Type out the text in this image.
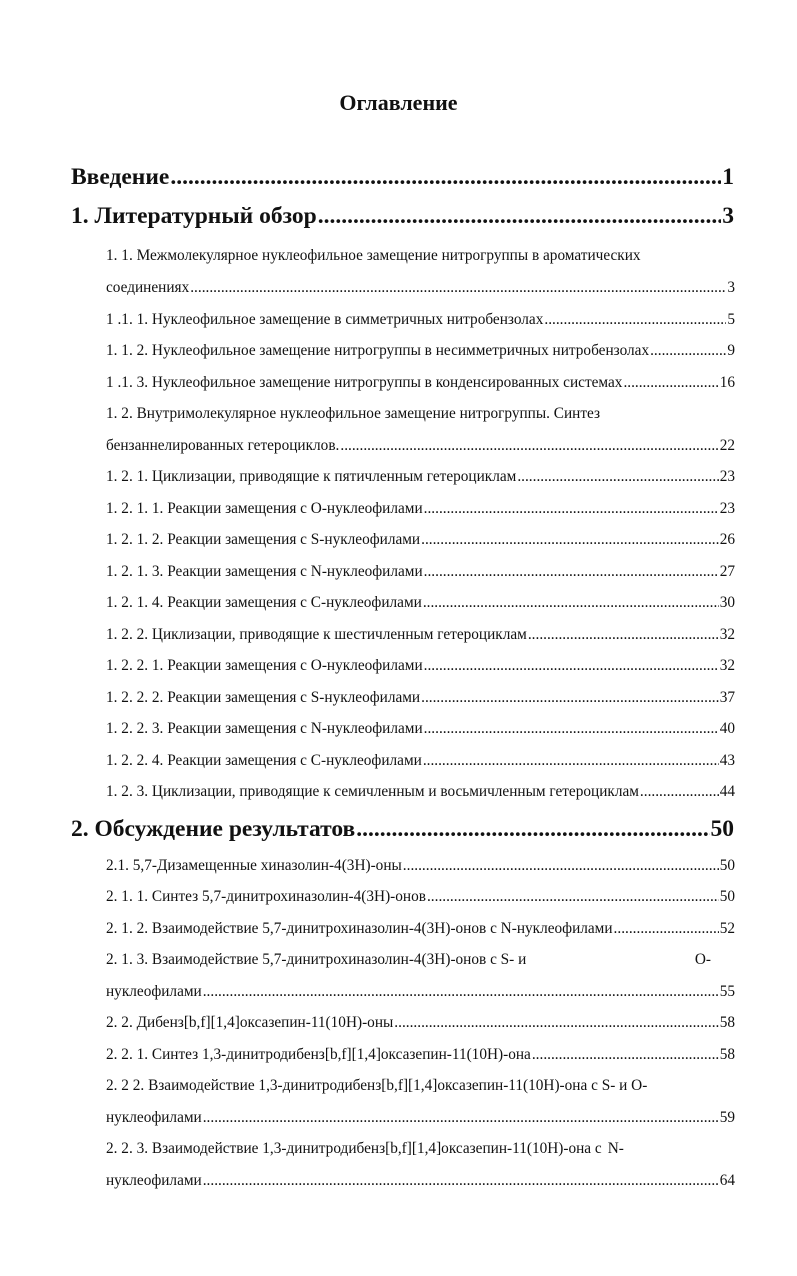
Оглавление
Введение .....	1
1. Литературный обзор .....	3
1. 1. Межмолекулярное нуклеофильное замещение нитрогруппы в ароматических
соединениях .....	3
1 .1. 1. Нуклеофильное замещение в симметричных нитробензолах .....	5
1. 1. 2. Нуклеофильное замещение нитрогруппы в несимметричных нитробензолах .....	9
1 .1. 3. Нуклеофильное замещение нитрогруппы в конденсированных системах .....	16
1. 2. Внутримолекулярное нуклеофильное замещение нитрогруппы. Синтез
бензаннелированных гетероциклов. .....	22
1. 2. 1. Циклизации, приводящие к пятичленным гетероциклам .....	23
1. 2. 1. 1. Реакции замещения с О-нуклеофилами .....	23
1. 2. 1. 2. Реакции замещения с S-нуклеофилами .....	26
1. 2. 1. 3. Реакции замещения с N-нуклеофилами .....	27
1. 2. 1. 4. Реакции замещения с С-нуклеофилами .....	30
1. 2. 2. Циклизации, приводящие к шестичленным гетероциклам .....	32
1. 2. 2. 1. Реакции замещения с О-нуклеофилами .....	32
1. 2. 2. 2. Реакции замещения с S-нуклеофилами .....	37
1. 2. 2. 3. Реакции замещения с N-нуклеофилами .....	40
1. 2. 2. 4. Реакции замещения с С-нуклеофилами .....	43
1. 2. 3. Циклизации, приводящие к семичленным и восьмичленным гетероциклам .....	44
2. Обсуждение результатов .....	50
2.1. 5,7-Дизамещенные хиназолин-4(3H)-оны .....	50
2. 1. 1. Синтез 5,7-динитрохиназолин-4(3H)-онов .....	50
2. 1. 2. Взаимодействие 5,7-динитрохиназолин-4(3H)-онов с N-нуклеофилами .....	52
2. 1. 3. Взаимодействие 5,7-динитрохиназолин-4(3H)-онов с S- и	О-
нуклеофилами .....	55
2. 2. Дибенз[b,f][1,4]оксазепин-11(10H)-оны .....	58
2. 2. 1. Синтез 1,3-динитродибенз[b,f][1,4]оксазепин-11(10H)-она .....	58
2. 2 2. Взаимодействие 1,3-динитродибенз[b,f][1,4]оксазепин-11(10H)-она с S- и О-
нуклеофилами .....	59
2. 2. 3. Взаимодействие 1,3-динитродибенз[b,f][1,4]оксазепин-11(10H)-она с N-
нуклеофилами .....	64
